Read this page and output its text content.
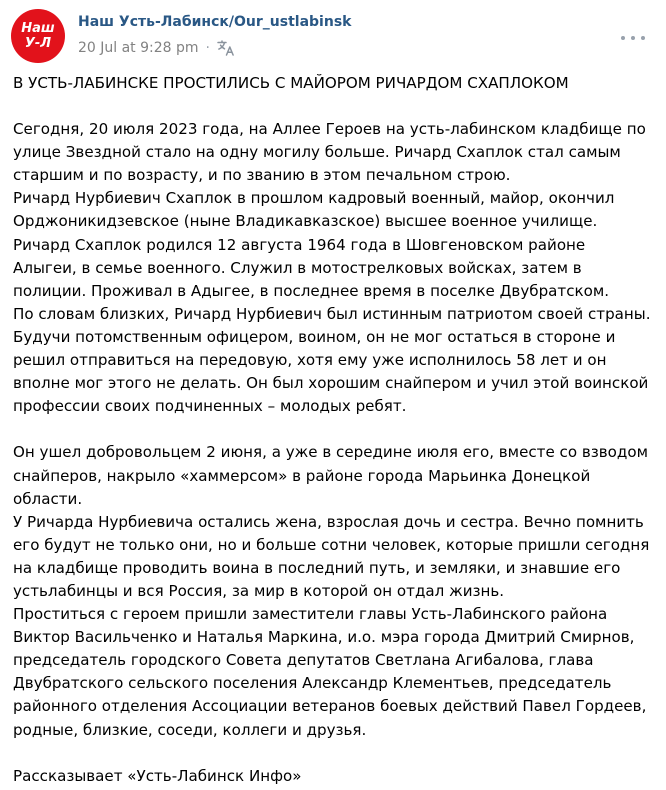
Наш
У-Л
Наш Усть-Лабинск/Our_ustlabinsk
20 Jul at 9:28 pm ·

В УСТЬ-ЛАБИНСКЕ ПРОСТИЛИСЬ С МАЙОРОМ РИЧАРДОМ СХАПЛОКОМ

Сегодня, 20 июля 2023 года, на Аллее Героев на усть-лабинском кладбище по улице Звездной стало на одну могилу больше. Ричард Схаплок стал самым старшим и по возрасту, и по званию в этом печальном строю.
Ричард Нурбиевич Схаплок в прошлом кадровый военный, майор, окончил Орджоникидзевское (ныне Владикавказское) высшее военное училище.
Ричард Схаплок родился 12 августа 1964 года в Шовгеновском районе Алыгеи, в семье военного. Служил в мотострелковых войсках, затем в полиции. Проживал в Адыгее, в последнее время в поселке Двубратском.
По словам близких, Ричард Нурбиевич был истинным патриотом своей страны. Будучи потомственным офицером, воином, он не мог остаться в стороне и решил отправиться на передовую, хотя ему уже исполнилось 58 лет и он вполне мог этого не делать. Он был хорошим снайпером и учил этой воинской профессии своих подчиненных – молодых ребят.

Он ушел добровольцем 2 июня, а уже в середине июля его, вместе со взводом снайперов, накрыло «хаммерсом» в районе города Марьинка Донецкой области.
У Ричарда Нурбиевича остались жена, взрослая дочь и сестра. Вечно помнить его будут не только они, но и больше сотни человек, которые пришли сегодня на кладбище проводить воина в последний путь, и земляки, и знавшие его устьлабинцы и вся Россия, за мир в которой он отдал жизнь.
Проститься с героем пришли заместители главы Усть-Лабинского района Виктор Васильченко и Наталья Маркина, и.о. мэра города Дмитрий Смирнов, председатель городского Совета депутатов Светлана Агибалова, глава Двубратского сельского поселения Александр Клементьев, председатель районного отделения Ассоциации ветеранов боевых действий Павел Гордеев, родные, близкие, соседи, коллеги и друзья.

Рассказывает «Усть-Лабинск Инфо»
